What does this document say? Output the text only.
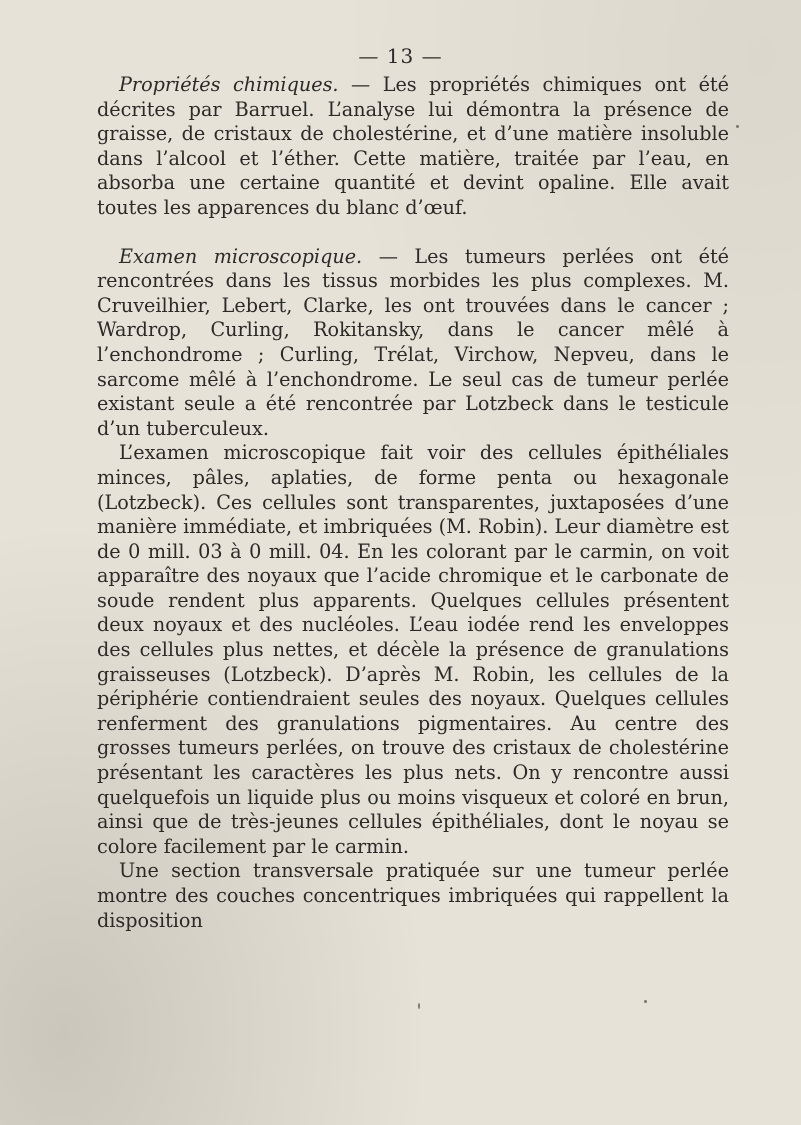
— 13 —

Propriétés chimiques. — Les propriétés chimiques ont été décrites par Barruel. L’analyse lui démontra la présence de graisse, de cristaux de cholestérine, et d’une matière insoluble dans l’alcool et l’éther. Cette matière, traitée par l’eau, en absorba une certaine quantité et devint opaline. Elle avait toutes les apparences du blanc d’œuf.

Examen microscopique. — Les tumeurs perlées ont été rencontrées dans les tissus morbides les plus complexes. M. Cruveilhier, Lebert, Clarke, les ont trouvées dans le cancer ; Wardrop, Curling, Rokitansky, dans le cancer mêlé à l’enchondrome ; Curling, Trélat, Virchow, Nepveu, dans le sarcome mêlé à l’enchondrome. Le seul cas de tumeur perlée existant seule a été rencontrée par Lotzbeck dans le testicule d’un tuberculeux.

L’examen microscopique fait voir des cellules épithéliales minces, pâles, aplaties, de forme penta ou hexagonale (Lotzbeck). Ces cellules sont transparentes, juxtaposées d’une manière immédiate, et imbriquées (M. Robin). Leur diamètre est de 0 mill. 03 à 0 mill. 04. En les colorant par le carmin, on voit apparaître des noyaux que l’acide chromique et le carbonate de soude rendent plus apparents. Quelques cellules présentent deux noyaux et des nucléoles. L’eau iodée rend les enveloppes des cellules plus nettes, et décèle la présence de granulations graisseuses (Lotzbeck). D’après M. Robin, les cellules de la périphérie contiendraient seules des noyaux. Quelques cellules renferment des granulations pigmentaires. Au centre des grosses tumeurs perlées, on trouve des cristaux de cholestérine présentant les caractères les plus nets. On y rencontre aussi quelquefois un liquide plus ou moins visqueux et coloré en brun, ainsi que de très-jeunes cellules épithéliales, dont le noyau se colore facilement par le carmin.

Une section transversale pratiquée sur une tumeur perlée montre des couches concentriques imbriquées qui rappellent la disposition
